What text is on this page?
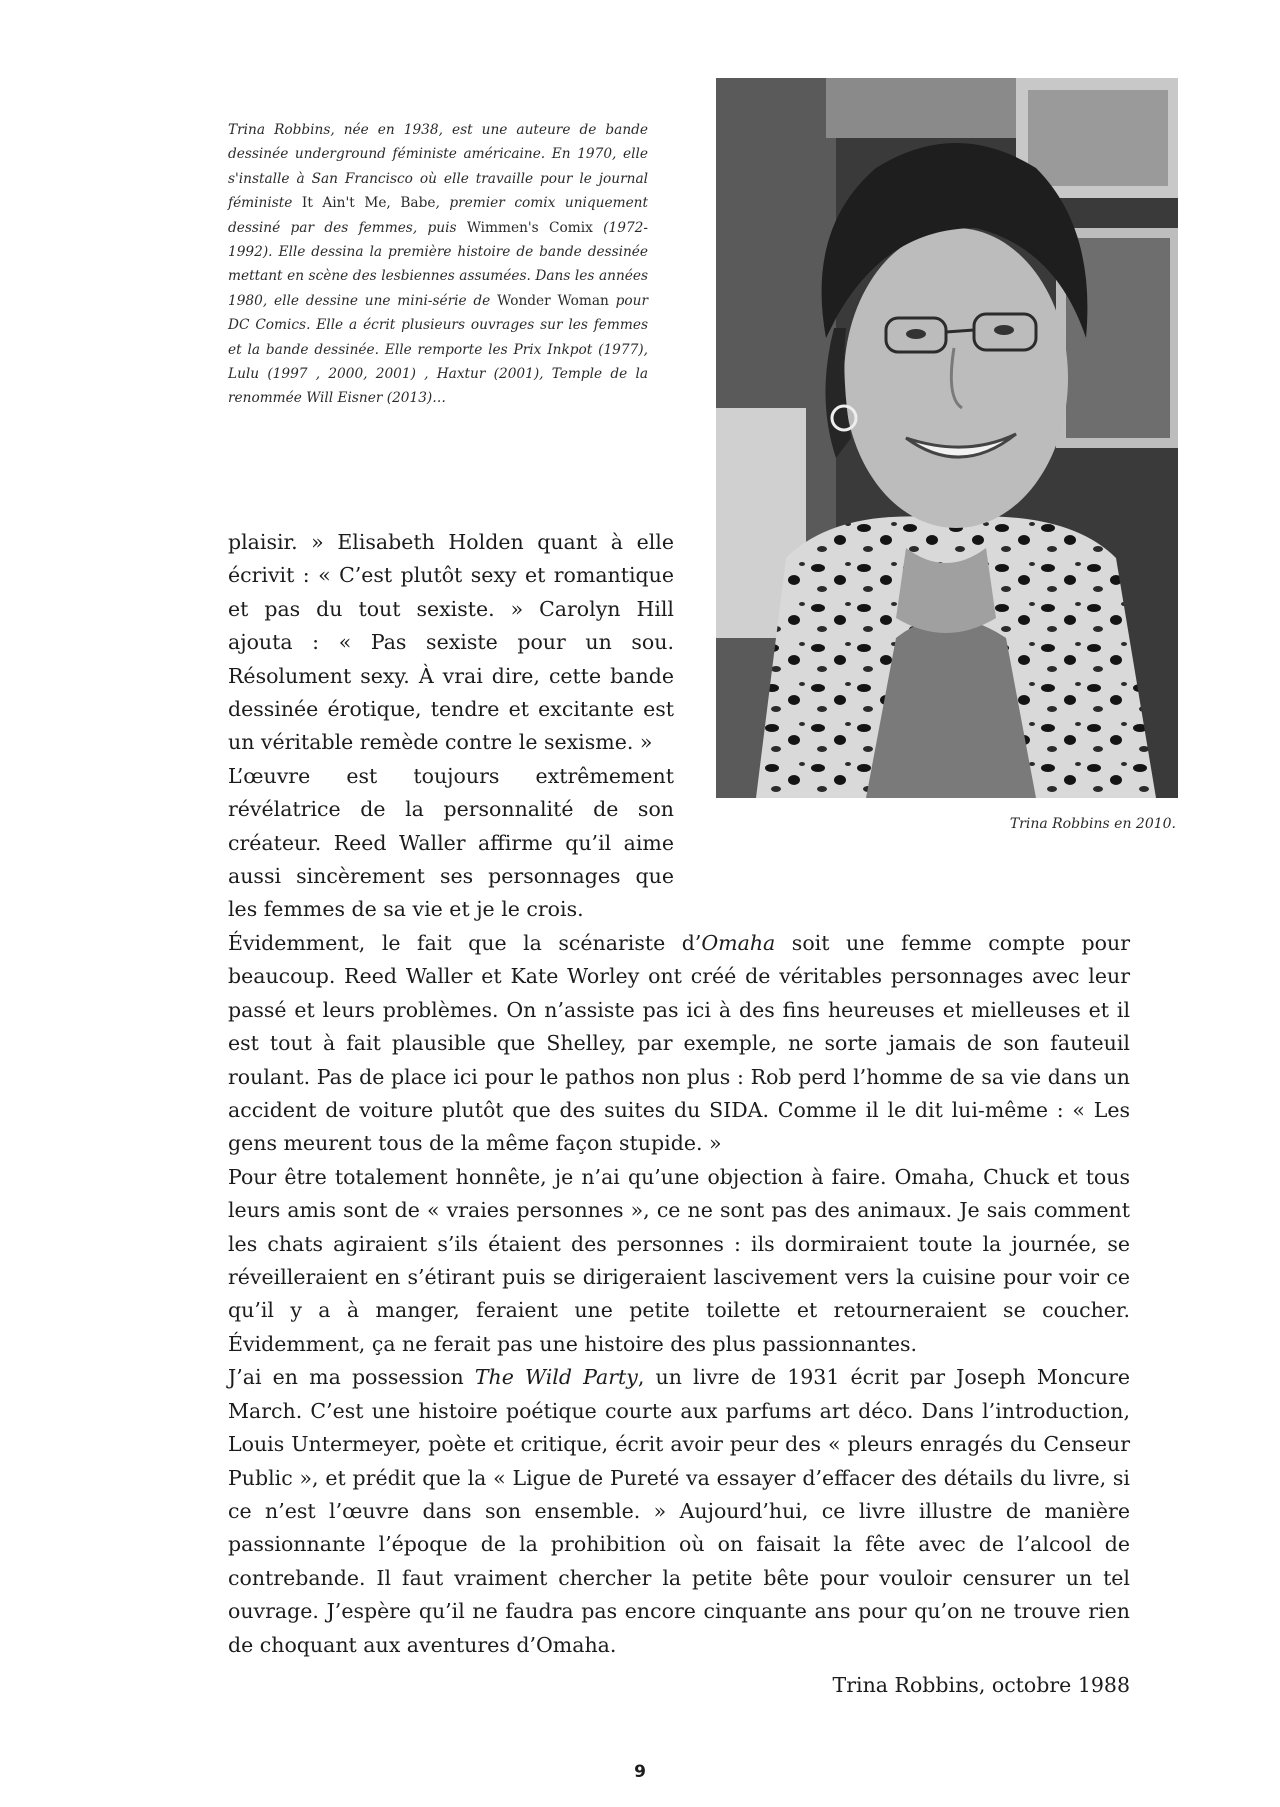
Trina Robbins, née en 1938, est une auteure de bande dessinée underground féministe américaine. En 1970, elle s'installe à San Francisco où elle travaille pour le journal féministe It Ain't Me, Babe, premier comix uniquement dessiné par des femmes, puis Wimmen's Comix (1972-1992). Elle dessina la première histoire de bande dessinée mettant en scène des lesbiennes assumées. Dans les années 1980, elle dessine une mini-série de Wonder Woman pour DC Comics. Elle a écrit plusieurs ouvrages sur les femmes et la bande dessinée. Elle remporte les Prix Inkpot (1977), Lulu (1997 , 2000, 2001) , Haxtur (2001), Temple de la renommée Will Eisner (2013)…

Trina Robbins en 2010.

plaisir. » Elisabeth Holden quant à elle écrivit : « C’est plutôt sexy et romantique et pas du tout sexiste. » Carolyn Hill ajouta : « Pas sexiste pour un sou. Résolument sexy. À vrai dire, cette bande dessinée érotique, tendre et excitante est un véritable remède contre le sexisme. »

L’œuvre est toujours extrêmement révélatrice de la personnalité de son créateur. Reed Waller affirme qu’il aime aussi sincèrement ses personnages que les femmes de sa vie et je le crois.

Évidemment, le fait que la scénariste d’Omaha soit une femme compte pour beaucoup. Reed Waller et Kate Worley ont créé de véritables personnages avec leur passé et leurs problèmes. On n’assiste pas ici à des fins heureuses et mielleuses et il est tout à fait plausible que Shelley, par exemple, ne sorte jamais de son fauteuil roulant. Pas de place ici pour le pathos non plus : Rob perd l’homme de sa vie dans un accident de voiture plutôt que des suites du SIDA. Comme il le dit lui-même : « Les gens meurent tous de la même façon stupide. »

Pour être totalement honnête, je n’ai qu’une objection à faire. Omaha, Chuck et tous leurs amis sont de « vraies personnes », ce ne sont pas des animaux. Je sais comment les chats agiraient s’ils étaient des personnes : ils dormiraient toute la journée, se réveilleraient en s’étirant puis se dirigeraient lascivement vers la cuisine pour voir ce qu’il y a à manger, feraient une petite toilette et retourneraient se coucher. Évidemment, ça ne ferait pas une histoire des plus passionnantes.

J’ai en ma possession The Wild Party, un livre de 1931 écrit par Joseph Moncure March. C’est une histoire poétique courte aux parfums art déco. Dans l’introduction, Louis Untermeyer, poète et critique, écrit avoir peur des « pleurs enragés du Censeur Public », et prédit que la « Ligue de Pureté va essayer d’effacer des détails du livre, si ce n’est l’œuvre dans son ensemble. » Aujourd’hui, ce livre illustre de manière passionnante l’époque de la prohibition où on faisait la fête avec de l’alcool de contrebande. Il faut vraiment chercher la petite bête pour vouloir censurer un tel ouvrage. J’espère qu’il ne faudra pas encore cinquante ans pour qu’on ne trouve rien de choquant aux aventures d’Omaha.

Trina Robbins, octobre 1988

9
